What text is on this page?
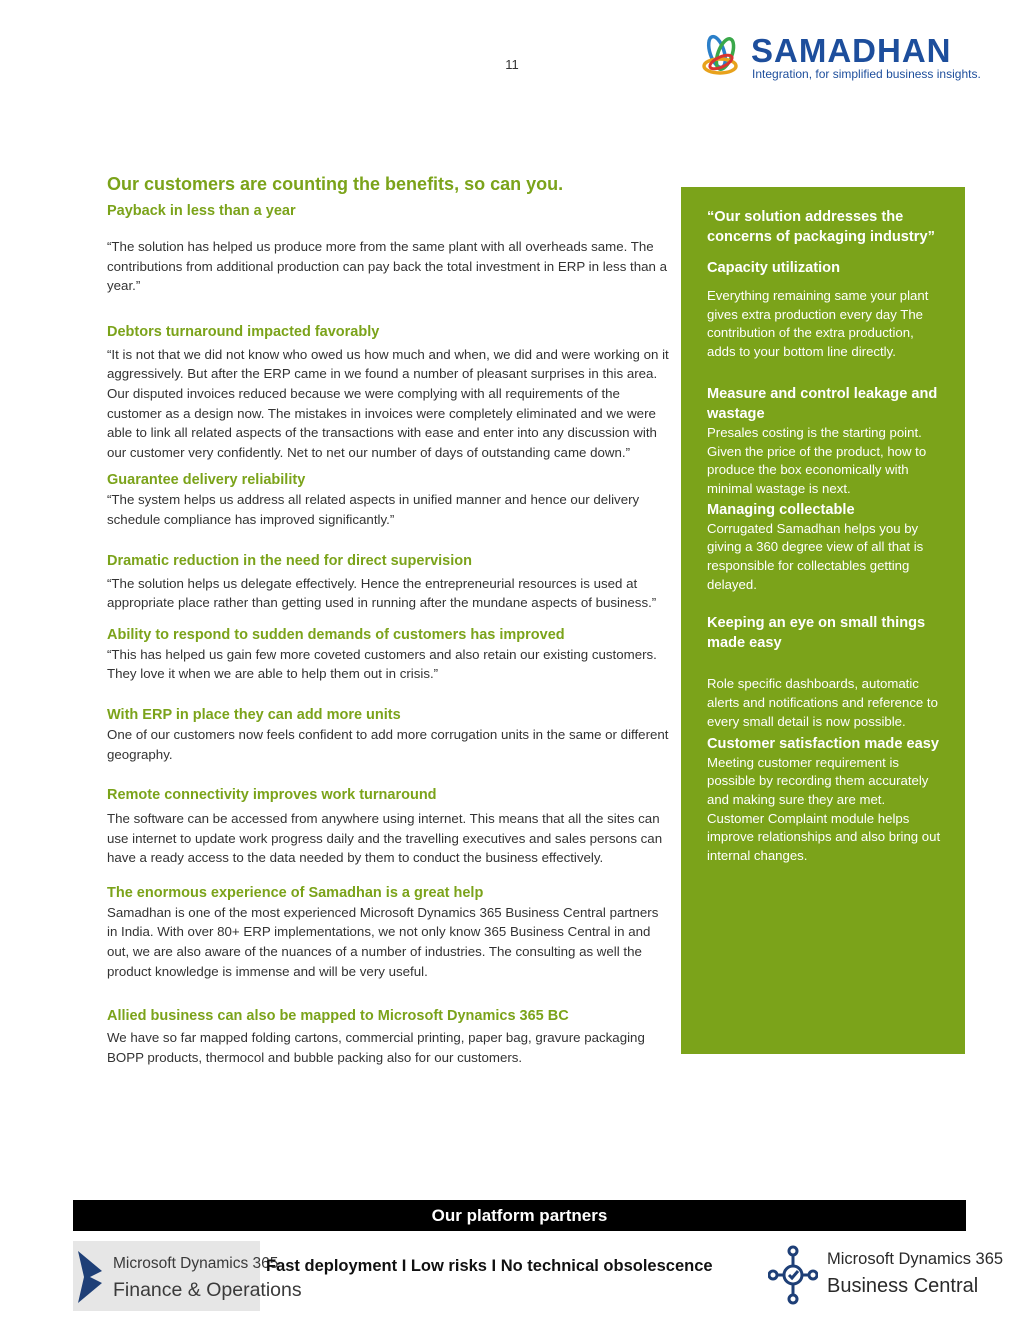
11	SAMADHAN
Integration, for simplified business insights.
Our customers are counting the benefits, so can you.
Payback in less than a year
“The solution has helped us produce more from the same plant with all overheads same. The contributions from additional production can pay back the total investment in ERP in less than a year.”
Debtors turnaround impacted favorably
“It is not that we did not know who owed us how much and when, we did and were working on it aggressively. But after the ERP came in we found a number of pleasant surprises in this area. Our disputed invoices reduced because we were complying with all requirements of the customer as a design now. The mistakes in invoices were completely eliminated and we were able to link all related aspects of the transactions with ease and enter into any discussion with our customer very confidently. Net to net our number of days of outstanding came down.”
Guarantee delivery reliability
“The system helps us address all related aspects in unified manner and hence our delivery schedule compliance has improved significantly.”
Dramatic reduction in the need for direct supervision
“The solution helps us delegate effectively. Hence the entrepreneurial resources is used at appropriate place rather than getting used in running after the mundane aspects of business.”
Ability to respond to sudden demands of customers has improved
“This has helped us gain few more coveted customers and also retain our existing customers. They love it when we are able to help them out in crisis.”
With ERP in place they can add more units
One of our customers now feels confident to add more corrugation units in the same or different geography.
Remote connectivity improves work turnaround
The software can be accessed from anywhere using internet. This means that all the sites can use internet to update work progress daily and the travelling executives and sales persons can have a ready access to the data needed by them to conduct the business effectively.
The enormous experience of Samadhan is a great help
Samadhan is one of the most experienced Microsoft Dynamics 365 Business Central partners in India. With over 80+ ERP implementations, we not only know 365 Business Central in and out, we are also aware of the nuances of a number of industries. The consulting as well the product knowledge is immense and will be very useful.
Allied business can also be mapped to Microsoft Dynamics 365 BC
We have so far mapped folding cartons, commercial printing, paper bag, gravure packaging BOPP products, thermocol and bubble packing also for our customers.
“Our solution addresses the concerns of packaging industry”
Capacity utilization
Everything remaining same your plant gives extra production every day The contribution of the extra production, adds to your bottom line directly.
Measure and control leakage and wastage
Presales costing is the starting point. Given the price of the product, how to produce the box economically with minimal wastage is next.
Managing collectable
Corrugated Samadhan helps you by giving a 360 degree view of all that is responsible for collectables getting delayed.
Keeping an eye on small things made easy
Role specific dashboards, automatic alerts and notifications and reference to every small detail is now possible.
Customer satisfaction made easy
Meeting customer requirement is possible by recording them accurately and making sure they are met. Customer Complaint module helps improve relationships and also bring out internal changes.
Our platform partners
Microsoft Dynamics 365
Finance & Operations
Fast deployment I Low risks I No technical obsolescence	Microsoft Dynamics 365
Business Central
